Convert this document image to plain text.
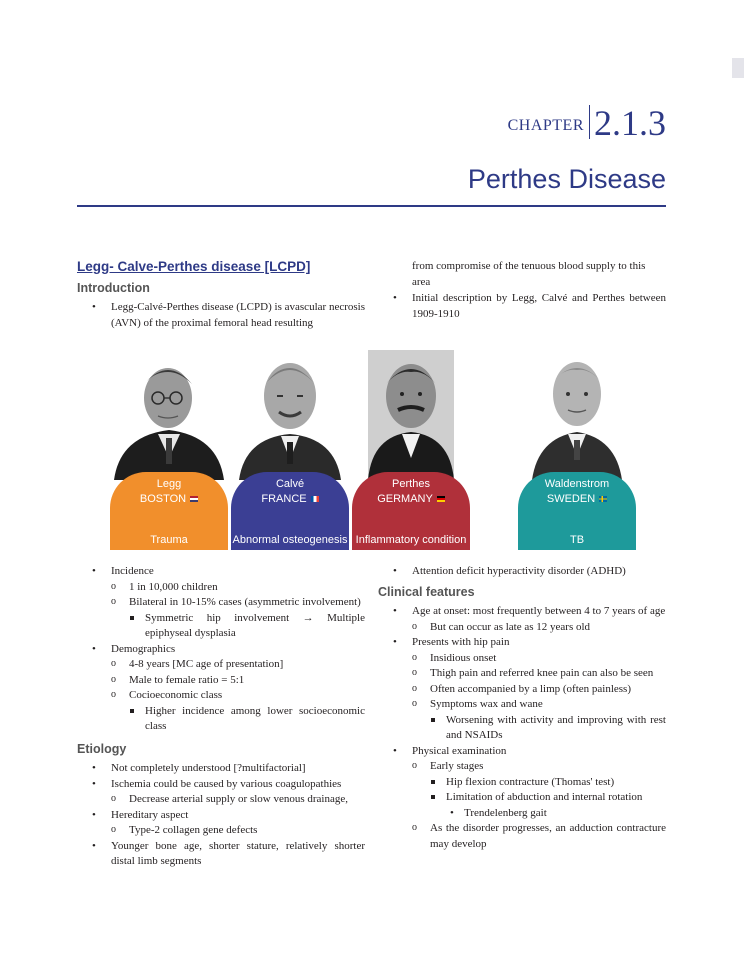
CHAPTER 2.1.3
Perthes Disease
Legg- Calve-Perthes disease [LCPD]
Introduction
• Legg-Calvé-Perthes disease (LCPD) is avascular necrosis (AVN) of the proximal femoral head resulting

from compromise of the tenuous blood supply to this area

• Initial description by Legg, Calvé and Perthes between 1909-1910
Legg
BOSTON
Trauma
Calvé
FRANCE
Abnormal osteogenesis
Perthes
GERMANY
Inflammatory condition
Waldenstrom
SWEDEN
TB
• Incidence
o 1 in 10,000 children
o Bilateral in 10-15% cases (asymmetric involvement)
Symmetric hip involvement → Multiple epiphyseal dysplasia
• Demographics
o 4-8 years [MC age of presentation]
o Male to female ratio = 5:1
o Cocioeconomic class
Higher incidence among lower socioeconomic class
Etiology
• Not completely understood [?multifactorial]
• Ischemia could be caused by various coagulopathies
o Decrease arterial supply or slow venous drainage,
• Hereditary aspect
o Type-2 collagen gene defects
• Younger bone age, shorter stature, relatively shorter distal limb segments
• Attention deficit hyperactivity disorder (ADHD)
Clinical features
• Age at onset: most frequently between 4 to 7 years of age
o But can occur as late as 12 years old
• Presents with hip pain
o Insidious onset
o Thigh pain and referred knee pain can also be seen
o Often accompanied by a limp (often painless)
o Symptoms wax and wane
Worsening with activity and improving with rest and NSAIDs
• Physical examination
o Early stages
Hip flexion contracture (Thomas' test)
Limitation of abduction and internal rotation
• Trendelenberg gait
o As the disorder progresses, an adduction contracture may develop
